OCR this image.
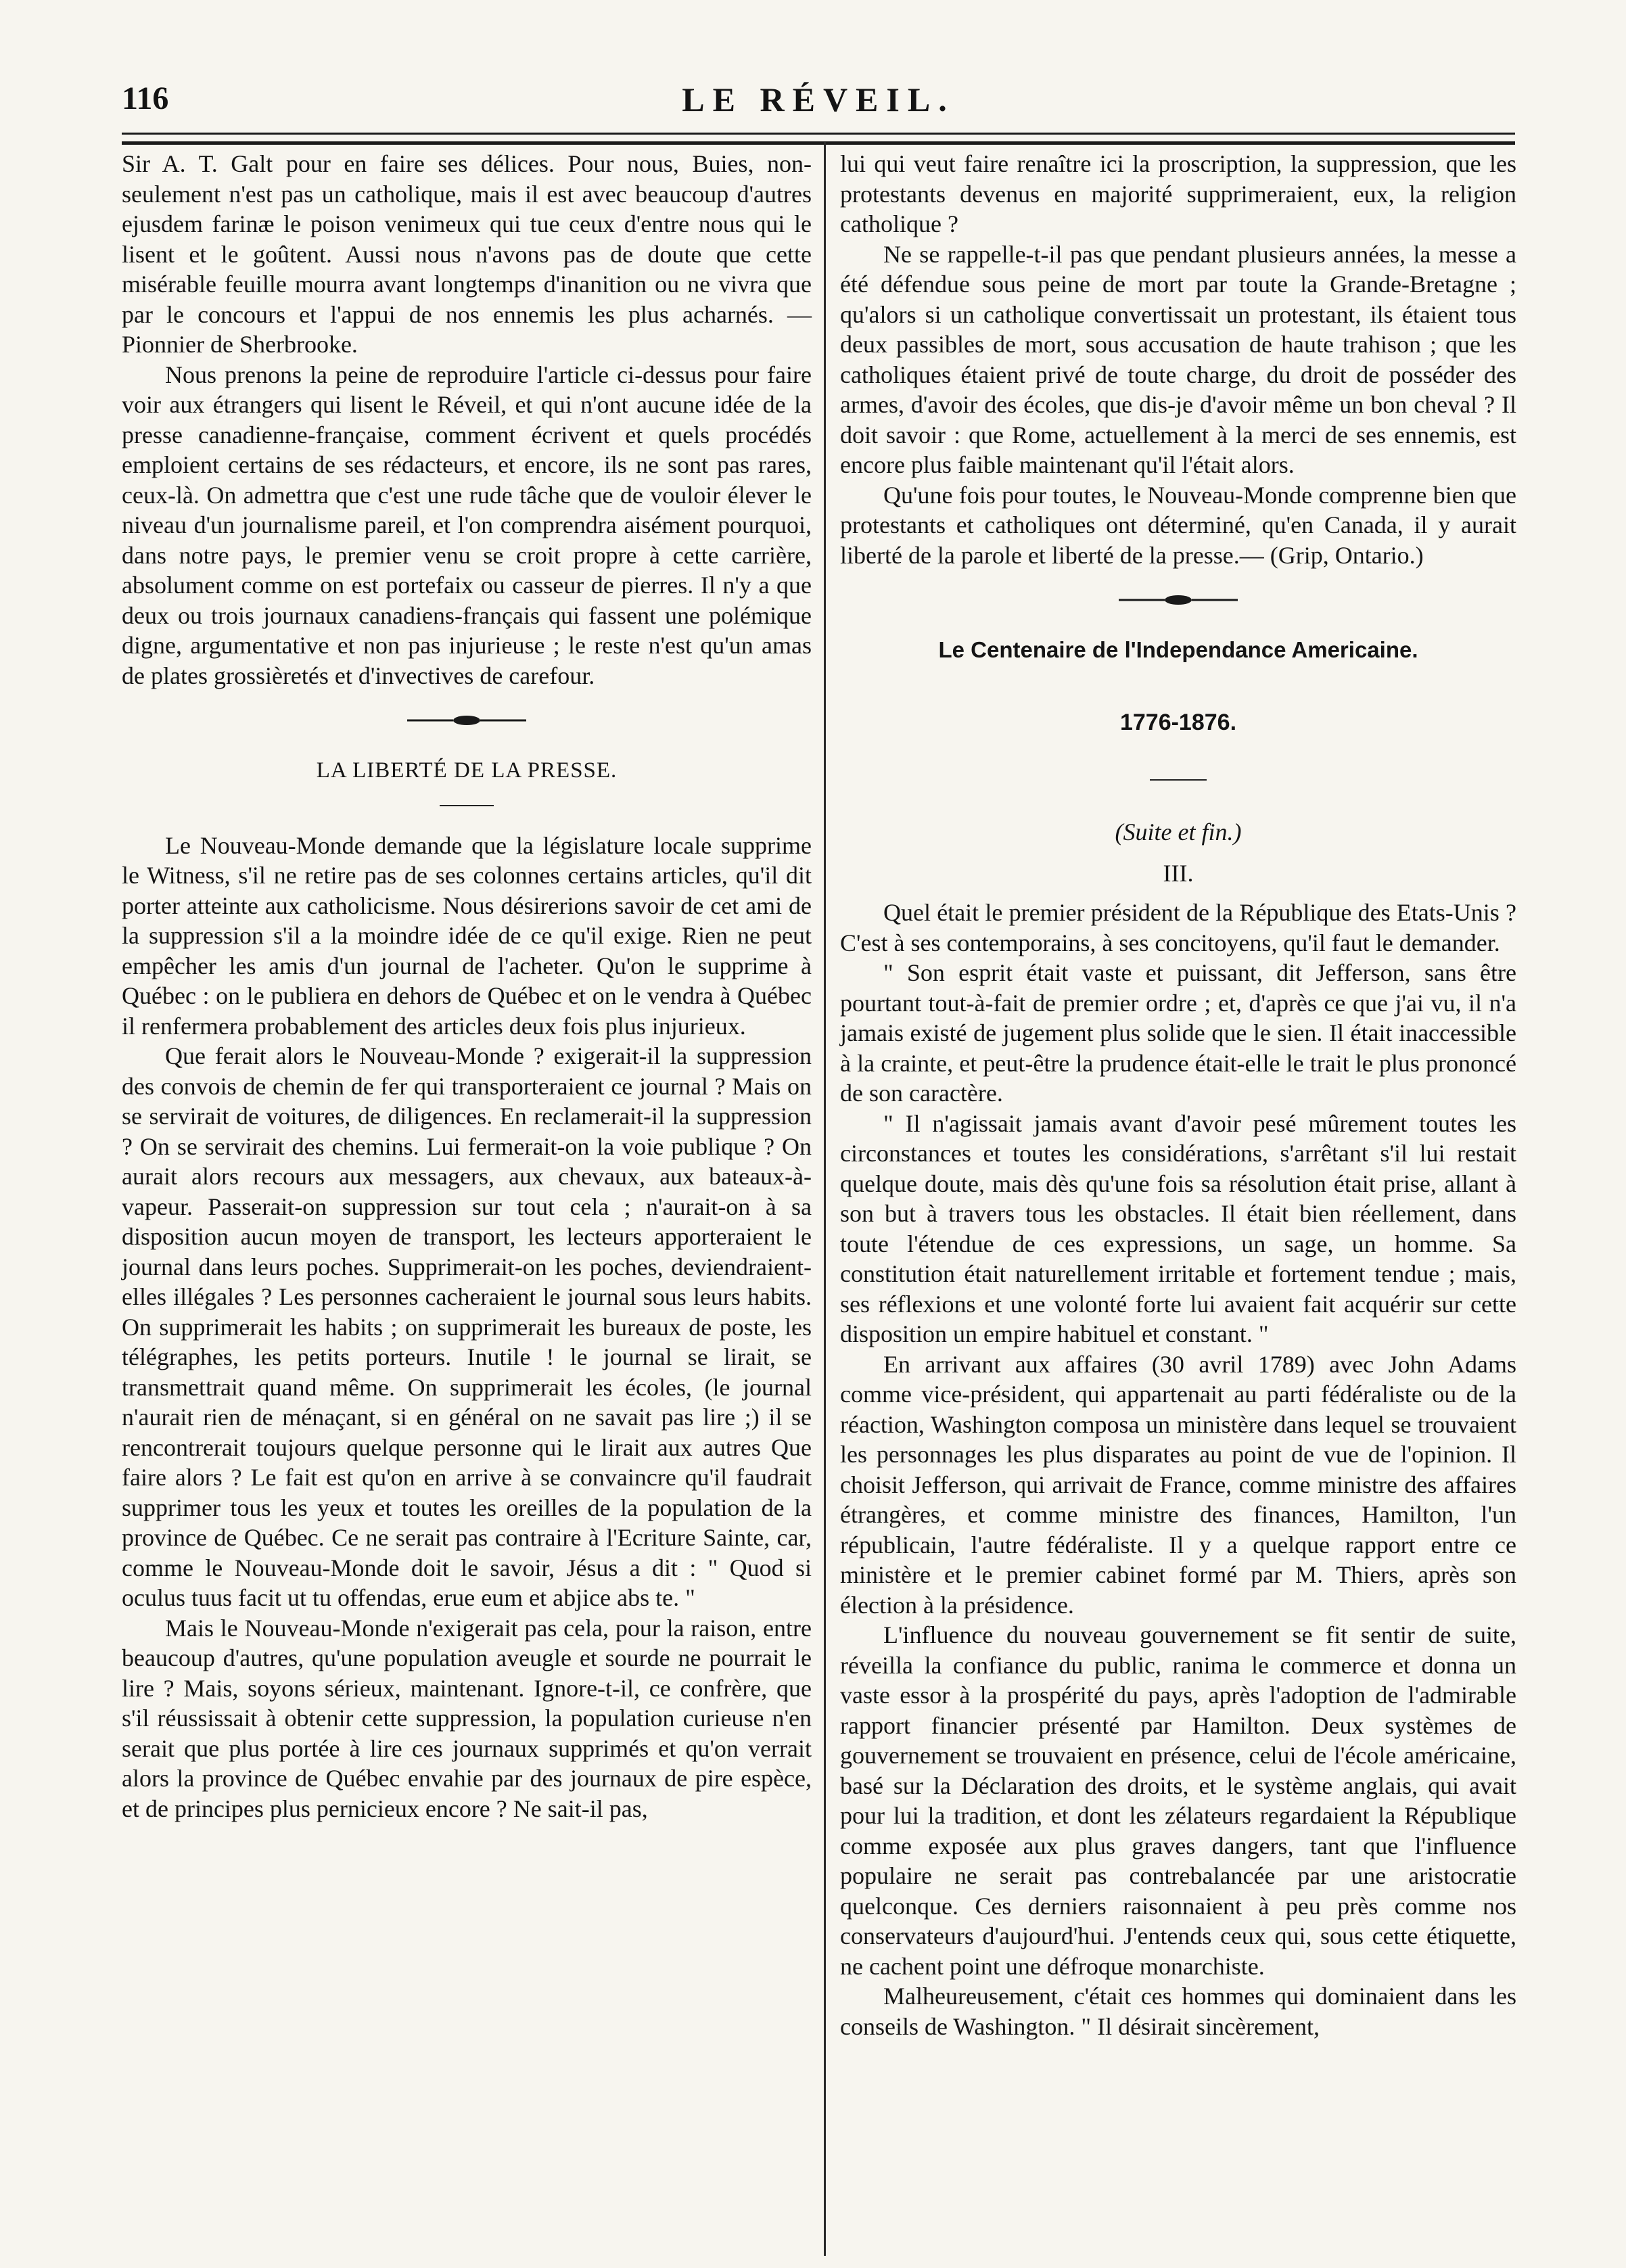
116	LE RÉVEIL.

Sir A. T. Galt pour en faire ses délices. Pour nous, Buies, non-seulement n'est pas un catholique, mais il est avec beaucoup d'autres ejusdem farinæ le poison venimeux qui tue ceux d'entre nous qui le lisent et le goûtent. Aussi nous n'avons pas de doute que cette misérable feuille mourra avant longtemps d'inanition ou ne vivra que par le concours et l'appui de nos ennemis les plus acharnés. — Pionnier de Sherbrooke.

Nous prenons la peine de reproduire l'article ci-dessus pour faire voir aux étrangers qui lisent le Réveil, et qui n'ont aucune idée de la presse canadienne-française, comment écrivent et quels procédés emploient certains de ses rédacteurs, et encore, ils ne sont pas rares, ceux-là. On admettra que c'est une rude tâche que de vouloir élever le niveau d'un journalisme pareil, et l'on comprendra aisément pourquoi, dans notre pays, le premier venu se croit propre à cette carrière, absolument comme on est portefaix ou casseur de pierres. Il n'y a que deux ou trois journaux canadiens-français qui fassent une polémique digne, argumentative et non pas injurieuse ; le reste n'est qu'un amas de plates grossièretés et d'invectives de carefour.

LA LIBERTÉ DE LA PRESSE.

Le Nouveau-Monde demande que la législature locale supprime le Witness, s'il ne retire pas de ses colonnes certains articles, qu'il dit porter atteinte aux catholicisme. Nous désirerions savoir de cet ami de la suppression s'il a la moindre idée de ce qu'il exige. Rien ne peut empêcher les amis d'un journal de l'acheter. Qu'on le supprime à Québec : on le publiera en dehors de Québec et on le vendra à Québec il renfermera probablement des articles deux fois plus injurieux.

Que ferait alors le Nouveau-Monde ? exigerait-il la suppression des convois de chemin de fer qui transporteraient ce journal ? Mais on se servirait de voitures, de diligences. En reclamerait-il la suppression ? On se servirait des chemins. Lui fermerait-on la voie publique ? On aurait alors recours aux messagers, aux chevaux, aux bateaux-à-vapeur. Passerait-on suppression sur tout cela ; n'aurait-on à sa disposition aucun moyen de transport, les lecteurs apporteraient le journal dans leurs poches. Supprimerait-on les poches, deviendraient-elles illégales ? Les personnes cacheraient le journal sous leurs habits. On supprimerait les habits ; on supprimerait les bureaux de poste, les télégraphes, les petits porteurs. Inutile ! le journal se lirait, se transmettrait quand même. On supprimerait les écoles, (le journal n'aurait rien de ménaçant, si en général on ne savait pas lire ;) il se rencontrerait toujours quelque personne qui le lirait aux autres Que faire alors ? Le fait est qu'on en arrive à se convaincre qu'il faudrait supprimer tous les yeux et toutes les oreilles de la population de la province de Québec. Ce ne serait pas contraire à l'Ecriture Sainte, car, comme le Nouveau-Monde doit le savoir, Jésus a dit : " Quod si oculus tuus facit ut tu offendas, erue eum et abjice abs te. "

Mais le Nouveau-Monde n'exigerait pas cela, pour la raison, entre beaucoup d'autres, qu'une population aveugle et sourde ne pourrait le lire ? Mais, soyons sérieux, maintenant. Ignore-t-il, ce confrère, que s'il réussissait à obtenir cette suppression, la population curieuse n'en serait que plus portée à lire ces journaux supprimés et qu'on verrait alors la province de Québec envahie par des journaux de pire espèce, et de principes plus pernicieux encore ? Ne sait-il pas,

lui qui veut faire renaître ici la proscription, la suppression, que les protestants devenus en majorité supprimeraient, eux, la religion catholique ?

Ne se rappelle-t-il pas que pendant plusieurs années, la messe a été défendue sous peine de mort par toute la Grande-Bretagne ; qu'alors si un catholique convertissait un protestant, ils étaient tous deux passibles de mort, sous accusation de haute trahison ; que les catholiques étaient privé de toute charge, du droit de posséder des armes, d'avoir des écoles, que dis-je d'avoir même un bon cheval ? Il doit savoir : que Rome, actuellement à la merci de ses ennemis, est encore plus faible maintenant qu'il l'était alors.

Qu'une fois pour toutes, le Nouveau-Monde comprenne bien que protestants et catholiques ont déterminé, qu'en Canada, il y aurait liberté de la parole et liberté de la presse.— (Grip, Ontario.)

Le Centenaire de l'Independance Americaine.
1776-1876.
(Suite et fin.)
III.

Quel était le premier président de la République des Etats-Unis ? C'est à ses contemporains, à ses concitoyens, qu'il faut le demander.

" Son esprit était vaste et puissant, dit Jefferson, sans être pourtant tout-à-fait de premier ordre ; et, d'après ce que j'ai vu, il n'a jamais existé de jugement plus solide que le sien. Il était inaccessible à la crainte, et peut-être la prudence était-elle le trait le plus prononcé de son caractère.

" Il n'agissait jamais avant d'avoir pesé mûrement toutes les circonstances et toutes les considérations, s'arrêtant s'il lui restait quelque doute, mais dès qu'une fois sa résolution était prise, allant à son but à travers tous les obstacles. Il était bien réellement, dans toute l'étendue de ces expressions, un sage, un homme. Sa constitution était naturellement irritable et fortement tendue ; mais, ses réflexions et une volonté forte lui avaient fait acquérir sur cette disposition un empire habituel et constant. "

En arrivant aux affaires (30 avril 1789) avec John Adams comme vice-président, qui appartenait au parti fédéraliste ou de la réaction, Washington composa un ministère dans lequel se trouvaient les personnages les plus disparates au point de vue de l'opinion. Il choisit Jefferson, qui arrivait de France, comme ministre des affaires étrangères, et comme ministre des finances, Hamilton, l'un républicain, l'autre fédéraliste. Il y a quelque rapport entre ce ministère et le premier cabinet formé par M. Thiers, après son élection à la présidence.

L'influence du nouveau gouvernement se fit sentir de suite, réveilla la confiance du public, ranima le commerce et donna un vaste essor à la prospérité du pays, après l'adoption de l'admirable rapport financier présenté par Hamilton. Deux systèmes de gouvernement se trouvaient en présence, celui de l'école américaine, basé sur la Déclaration des droits, et le système anglais, qui avait pour lui la tradition, et dont les zélateurs regardaient la République comme exposée aux plus graves dangers, tant que l'influence populaire ne serait pas contrebalancée par une aristocratie quelconque. Ces derniers raisonnaient à peu près comme nos conservateurs d'aujourd'hui. J'entends ceux qui, sous cette étiquette, ne cachent point une défroque monarchiste.

Malheureusement, c'était ces hommes qui dominaient dans les conseils de Washington. " Il désirait sincèrement,
